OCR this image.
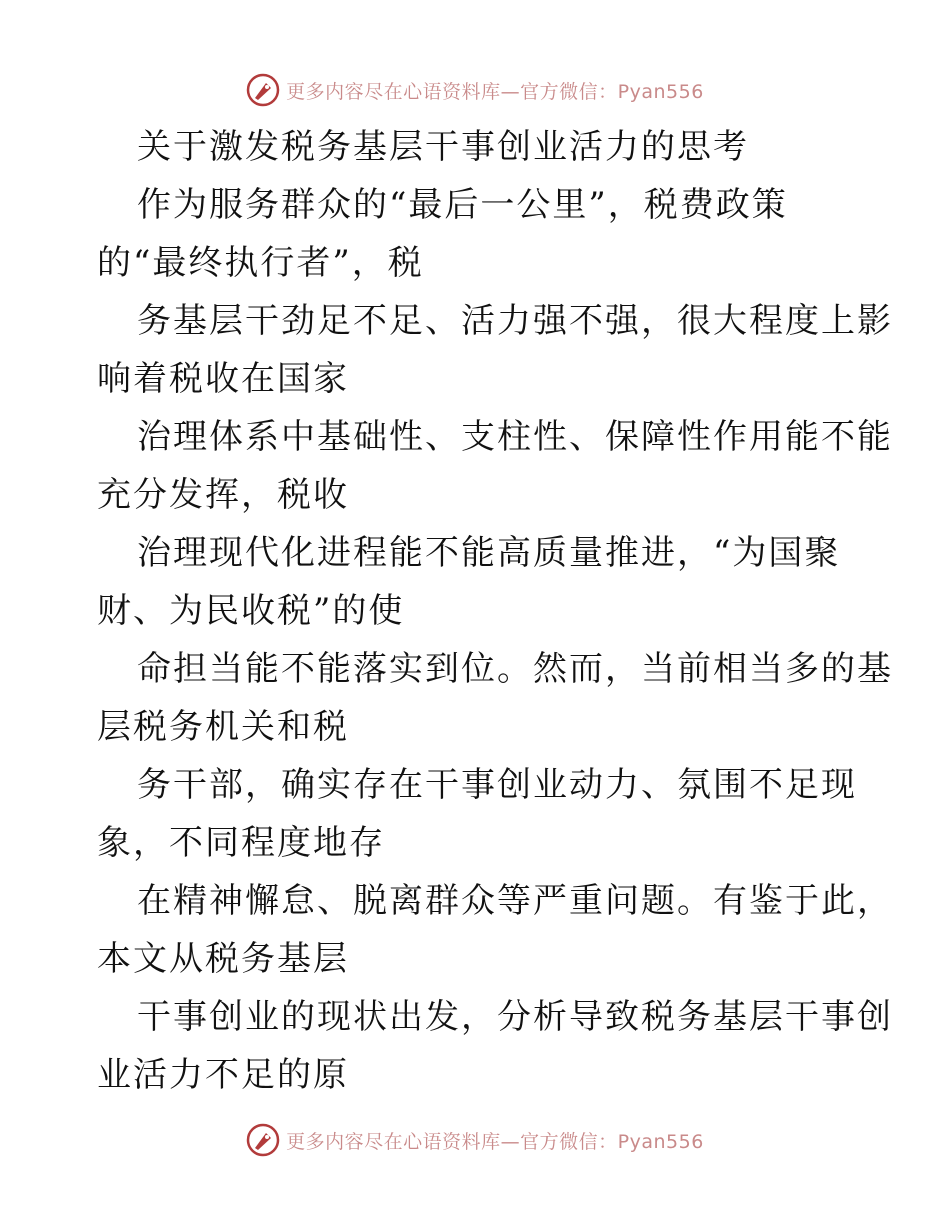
更多内容尽在心语资料库—官方微信：Pyan556
关于激发税务基层干事创业活力的思考
作为服务群众的“最后一公里”，税费政策
的“最终执行者”，税
务基层干劲足不足、活力强不强，很大程度上影
响着税收在国家
治理体系中基础性、支柱性、保障性作用能不能
充分发挥，税收
治理现代化进程能不能高质量推进，“为国聚
财、为民收税”的使
命担当能不能落实到位。然而，当前相当多的基
层税务机关和税
务干部，确实存在干事创业动力、氛围不足现
象，不同程度地存
在精神懈怠、脱离群众等严重问题。有鉴于此，
本文从税务基层
干事创业的现状出发，分析导致税务基层干事创
业活力不足的原
更多内容尽在心语资料库—官方微信：Pyan556
